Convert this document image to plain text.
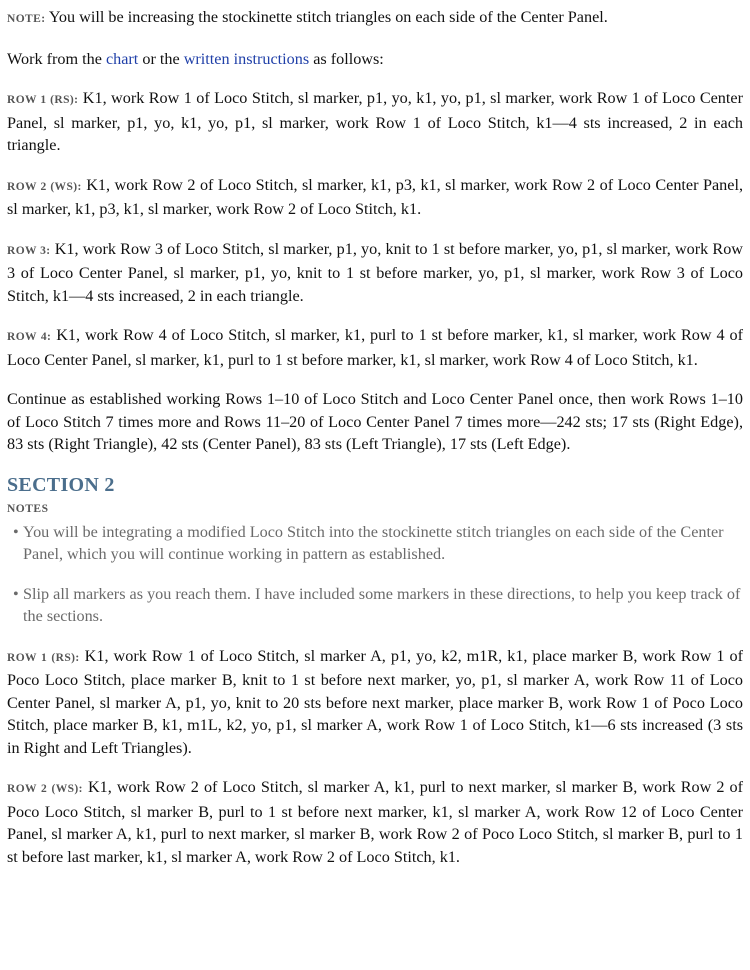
NOTE: You will be increasing the stockinette stitch triangles on each side of the Center Panel.

Work from the chart or the written instructions as follows:

ROW 1 (RS): K1, work Row 1 of Loco Stitch, sl marker, p1, yo, k1, yo, p1, sl marker, work Row 1 of Loco Center Panel, sl marker, p1, yo, k1, yo, p1, sl marker, work Row 1 of Loco Stitch, k1—4 sts increased, 2 in each triangle.

ROW 2 (WS): K1, work Row 2 of Loco Stitch, sl marker, k1, p3, k1, sl marker, work Row 2 of Loco Center Panel, sl marker, k1, p3, k1, sl marker, work Row 2 of Loco Stitch, k1.

ROW 3: K1, work Row 3 of Loco Stitch, sl marker, p1, yo, knit to 1 st before marker, yo, p1, sl marker, work Row 3 of Loco Center Panel, sl marker, p1, yo, knit to 1 st before marker, yo, p1, sl marker, work Row 3 of Loco Stitch, k1—4 sts increased, 2 in each triangle.

ROW 4: K1, work Row 4 of Loco Stitch, sl marker, k1, purl to 1 st before marker, k1, sl marker, work Row 4 of Loco Center Panel, sl marker, k1, purl to 1 st before marker, k1, sl marker, work Row 4 of Loco Stitch, k1.

Continue as established working Rows 1–10 of Loco Stitch and Loco Center Panel once, then work Rows 1–10 of Loco Stitch 7 times more and Rows 11–20 of Loco Center Panel 7 times more—242 sts; 17 sts (Right Edge), 83 sts (Right Triangle), 42 sts (Center Panel), 83 sts (Left Triangle), 17 sts (Left Edge).

SECTION 2
NOTES

• You will be integrating a modified Loco Stitch into the stockinette stitch triangles on each side of the Center Panel, which you will continue working in pattern as established.

• Slip all markers as you reach them. I have included some markers in these directions, to help you keep track of the sections.

ROW 1 (RS): K1, work Row 1 of Loco Stitch, sl marker A, p1, yo, k2, m1R, k1, place marker B, work Row 1 of Poco Loco Stitch, place marker B, knit to 1 st before next marker, yo, p1, sl marker A, work Row 11 of Loco Center Panel, sl marker A, p1, yo, knit to 20 sts before next marker, place marker B, work Row 1 of Poco Loco Stitch, place marker B, k1, m1L, k2, yo, p1, sl marker A, work Row 1 of Loco Stitch, k1—6 sts increased (3 sts in Right and Left Triangles).

ROW 2 (WS): K1, work Row 2 of Loco Stitch, sl marker A, k1, purl to next marker, sl marker B, work Row 2 of Poco Loco Stitch, sl marker B, purl to 1 st before next marker, k1, sl marker A, work Row 12 of Loco Center Panel, sl marker A, k1, purl to next marker, sl marker B, work Row 2 of Poco Loco Stitch, sl marker B, purl to 1 st before last marker, k1, sl marker A, work Row 2 of Loco Stitch, k1.
